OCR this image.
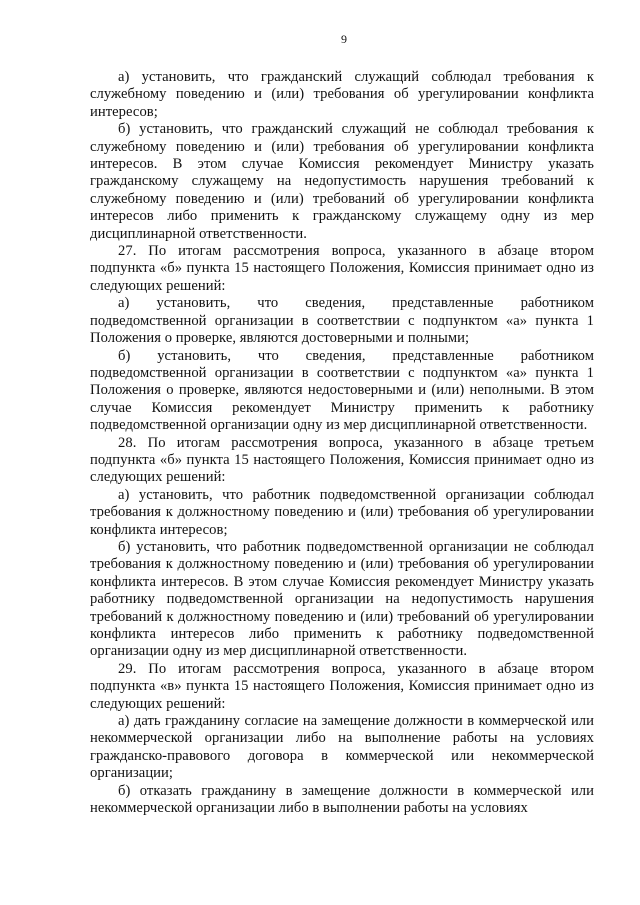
9

а) установить, что гражданский служащий соблюдал требования к служебному поведению и (или) требования об урегулировании конфликта интересов;

б) установить, что гражданский служащий не соблюдал требования к служебному поведению и (или) требования об урегулировании конфликта интересов. В этом случае Комиссия рекомендует Министру указать гражданскому служащему на недопустимость нарушения требований к служебному поведению и (или) требований об урегулировании конфликта интересов либо применить к гражданскому служащему одну из мер дисциплинарной ответственности.

27. По итогам рассмотрения вопроса, указанного в абзаце втором подпункта «б» пункта 15 настоящего Положения, Комиссия принимает одно из следующих решений:

а) установить, что сведения, представленные работником подведомственной организации в соответствии с подпунктом «а» пункта 1 Положения о проверке, являются достоверными и полными;

б) установить, что сведения, представленные работником подведомственной организации в соответствии с подпунктом «а» пункта 1 Положения о проверке, являются недостоверными и (или) неполными. В этом случае Комиссия рекомендует Министру применить к работнику подведомственной организации одну из мер дисциплинарной ответственности.

28. По итогам рассмотрения вопроса, указанного в абзаце третьем подпункта «б» пункта 15 настоящего Положения, Комиссия принимает одно из следующих решений:

а) установить, что работник подведомственной организации соблюдал требования к должностному поведению и (или) требования об урегулировании конфликта интересов;

б) установить, что работник подведомственной организации не соблюдал требования к должностному поведению и (или) требования об урегулировании конфликта интересов. В этом случае Комиссия рекомендует Министру указать работнику подведомственной организации на недопустимость нарушения требований к должностному поведению и (или) требований об урегулировании конфликта интересов либо применить к работнику подведомственной организации одну из мер дисциплинарной ответственности.

29. По итогам рассмотрения вопроса, указанного в абзаце втором подпункта «в» пункта 15 настоящего Положения, Комиссия принимает одно из следующих решений:

а) дать гражданину согласие на замещение должности в коммерческой или некоммерческой организации либо на выполнение работы на условиях гражданско-правового договора в коммерческой или некоммерческой организации;

б) отказать гражданину в замещение должности в коммерческой или некоммерческой организации либо в выполнении работы на условиях
